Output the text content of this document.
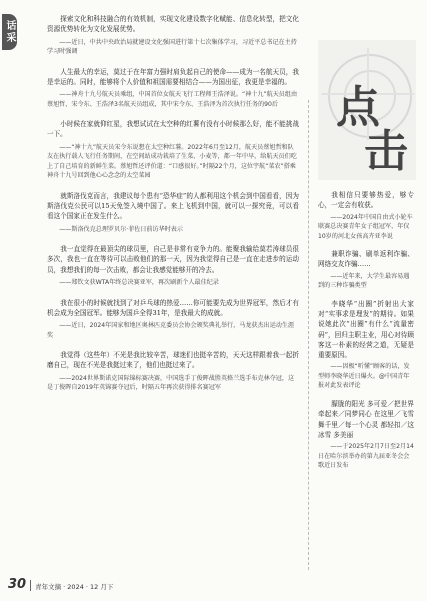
话采

探索文化和科技融合的有效机制，实现文化建设数字化赋能、信息化转型，把文化资源优势转化为文化发展优势。

——近日，中共中央政治局就建设文化强国进行第十七次集体学习，习近平总书记在主持学习时强调

人生最大的幸运，莫过于在年富力强时肩负起自己的使命——成为一名航天员，我是幸运的。同时，能够将个人价值和祖国需要相结合——为国出征，我更是幸福的。

——神舟十九号航天员乘组，中国首位女航天飞行工程师王浩泽说。“神十九”航天员组由蔡旭哲、宋令东、王浩泽3名航天员组成，其中宋令东、王浩泽为首次执行任务的90后

小时候在家就仰红星，我想试试在太空种的红薯有没有小时候那么好，能不能挑战一下。

——“神十九”航天员宋令东说想在太空种红薯。2022年6月至12月，航天员蔡旭哲和队友在执行载人飞行任务期间，在空间站成功栽培了生菜、小麦等，都一年中早，给航天员们吃上了自己培育的新鲜生菜。蔡旭哲还评价道：“口感很好。”时隔22个月，这位宇航“菜农”搭乘神舟十九号回到他心心念念的太空菜园

就斯洛伐克而言，我建议每个患有“恐华症”的人都利用这个机会到中国看看，因为斯洛伐克公民可以15天免签入境中国了。来上飞机到中国，就可以一探究竟，可以看看这个国家正在发生什么。

——斯洛伐克总理罗贝尔·菲佐日前访华时表示

我一直觉得在最顶尖的球员里，自己是非常有竞争力的。能聚我输给莫若涛球员很多次，我也一直在等待可以击败他们的那一天，因为我觉得自己是一直在走进步的运动员，我想我们的每一次击败，都会让我感觉能够开的冷去。

——郑钦文获WTA年终总决赛亚军，再次刷新个人最佳纪录

我在很小的时候就找到了对乒乓球的热爱……你可能要先成为世界冠军，然后才有机会成为全国冠军。能够为国乒全得31年，是我最大的成就。

——近日，2024年国家和地区奥林匹克委员会协会颁奖典礼举行，马龙获杰出运动生涯奖

我觉得（这些年）不光是我比较辛苦，球迷们也挺辛苦的，天天这样跟着我一起折磨自己，现在不光是我挺过来了，他们也挺过来了。

——2024世界斯诺克国际锦标赛决赛，中国选手丁俊晖战胜英格兰选手布克林夺冠，这是丁俊晖自2019年英锦赛夺冠后，时隔五年再次获得排名赛冠军

点
击

我相信只要够热爱，够专心，一定会有收获。

——2024年中国自由式小轮车联赛总决赛青年女子组冠军，年仅10岁的河北女孩高卉亚李说

兼职诈骗、刷单返利诈骗、网络交友诈骗……

——近年来，大学生最容易遇到的三种诈骗类型

李晓华“出圈”折射出大家对“实事求是理发”的期待。如果说她此次“出圈”有什么“流量密码”，回归主职主业，用心对待顾客这一朴素的经营之道，无疑是重要原因。

——因极“听懂”顾客的话，发型师李晓华近日爆火。@中国青年报对此发表评论

朦胧的阳光 多可爱／把世界 牵起来／同梦同心 在这里／飞雪舞千里／每一个心灵 都轻扣／这冰雪 多美丽

——于2025年2月7日至2月14日在哈尔滨举办的第九届亚冬会会歌近日发布

30 青年文摘 · 2024 · 12 月下
